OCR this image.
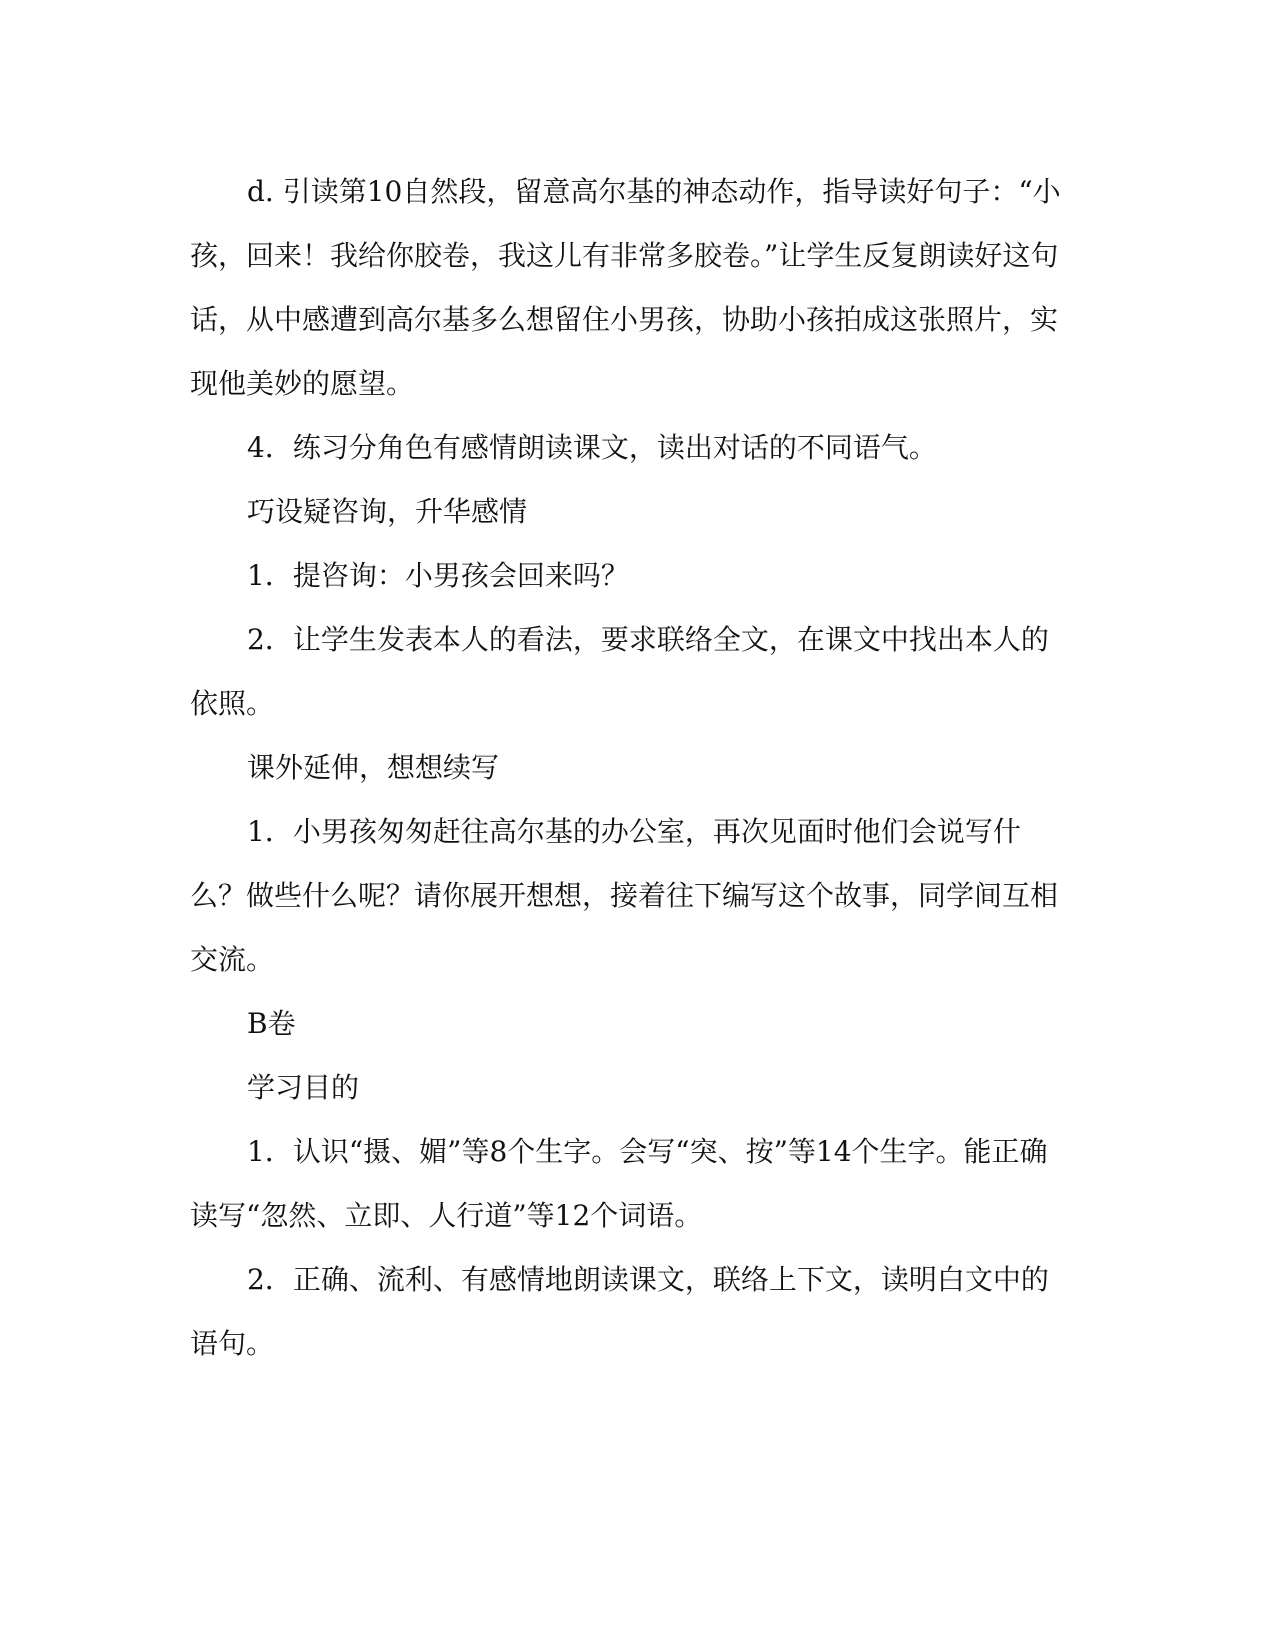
d. 引读第10自然段，留意高尔基的神态动作，指导读好句子：“小孩，回来！我给你胶卷，我这儿有非常多胶卷。”让学生反复朗读好这句话，从中感遭到高尔基多么想留住小男孩，协助小孩拍成这张照片，实现他美妙的愿望。

4．练习分角色有感情朗读课文，读出对话的不同语气。

巧设疑咨询，升华感情

1．提咨询：小男孩会回来吗？

2．让学生发表本人的看法，要求联络全文，在课文中找出本人的依照。

课外延伸，想想续写

1．小男孩匆匆赶往高尔基的办公室，再次见面时他们会说写什么？做些什么呢？请你展开想想，接着往下编写这个故事，同学间互相交流。

B卷

学习目的

1．认识“摄、媚”等8个生字。会写“突、按”等14个生字。能正确读写“忽然、立即、人行道”等12个词语。

2．正确、流利、有感情地朗读课文，联络上下文，读明白文中的语句。
